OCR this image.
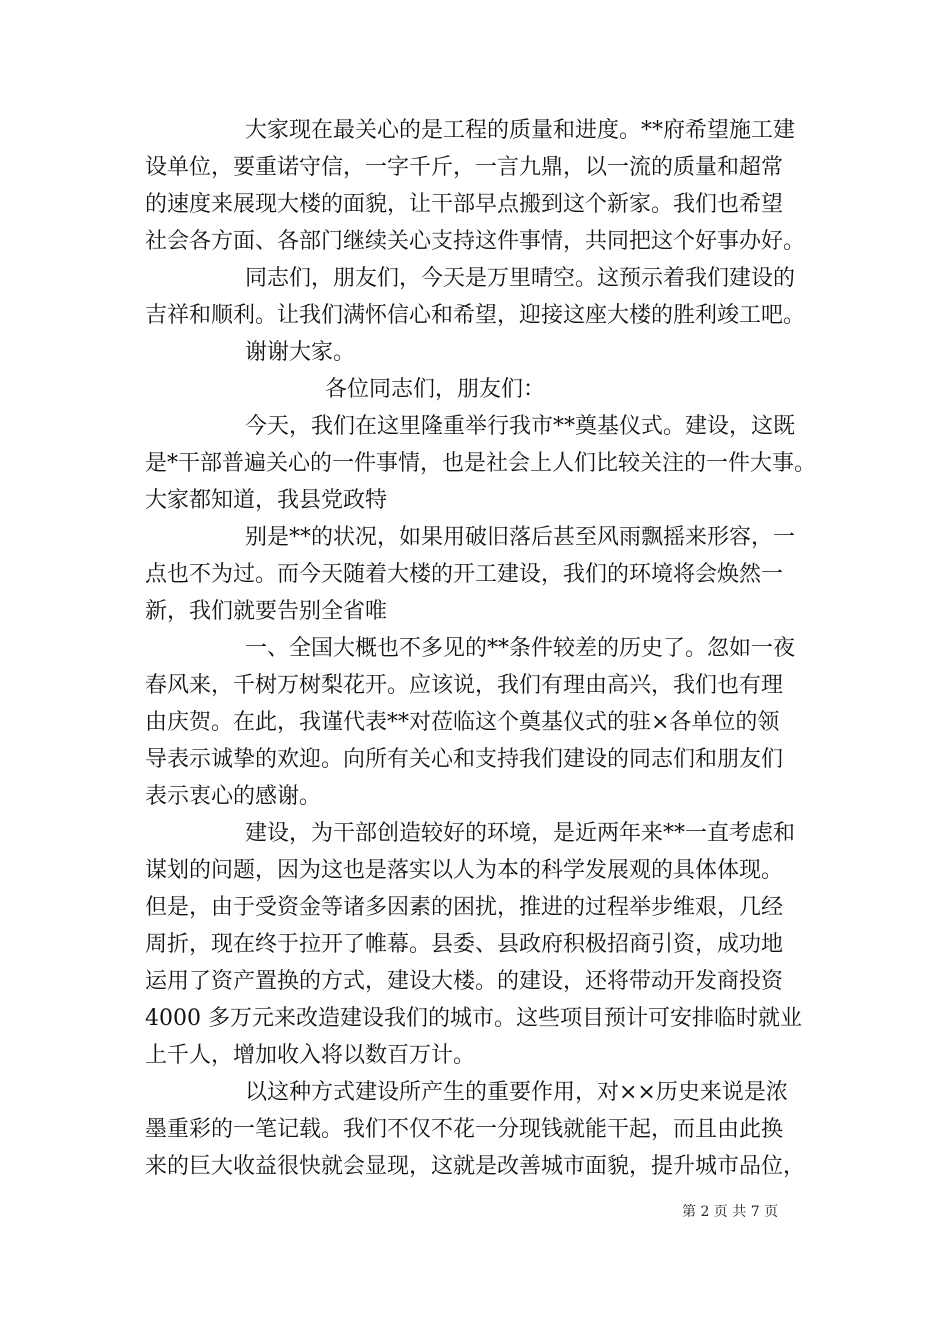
大家现在最关心的是工程的质量和进度。**府希望施工建
设单位，要重诺守信，一字千斤，一言九鼎，以一流的质量和超常
的速度来展现大楼的面貌，让干部早点搬到这个新家。我们也希望
社会各方面、各部门继续关心支持这件事情，共同把这个好事办好。
同志们，朋友们，今天是万里晴空。这预示着我们建设的
吉祥和顺利。让我们满怀信心和希望，迎接这座大楼的胜利竣工吧。
谢谢大家。
各位同志们，朋友们：
今天，我们在这里隆重举行我市**奠基仪式。建设，这既
是*干部普遍关心的一件事情，也是社会上人们比较关注的一件大事。
大家都知道，我县党政特
别是**的状况，如果用破旧落后甚至风雨飘摇来形容，一
点也不为过。而今天随着大楼的开工建设，我们的环境将会焕然一
新，我们就要告别全省唯
一、全国大概也不多见的**条件较差的历史了。忽如一夜
春风来，千树万树梨花开。应该说，我们有理由高兴，我们也有理
由庆贺。在此，我谨代表**对莅临这个奠基仪式的驻×各单位的领
导表示诚挚的欢迎。向所有关心和支持我们建设的同志们和朋友们
表示衷心的感谢。
建设，为干部创造较好的环境，是近两年来**一直考虑和
谋划的问题，因为这也是落实以人为本的科学发展观的具体体现。
但是，由于受资金等诸多因素的困扰，推进的过程举步维艰，几经
周折，现在终于拉开了帷幕。县委、县政府积极招商引资，成功地
运用了资产置换的方式，建设大楼。的建设，还将带动开发商投资
4000 多万元来改造建设我们的城市。这些项目预计可安排临时就业
上千人，增加收入将以数百万计。
以这种方式建设所产生的重要作用，对××历史来说是浓
墨重彩的一笔记载。我们不仅不花一分现钱就能干起，而且由此换
来的巨大收益很快就会显现，这就是改善城市面貌，提升城市品位，
第 2 页 共 7 页
